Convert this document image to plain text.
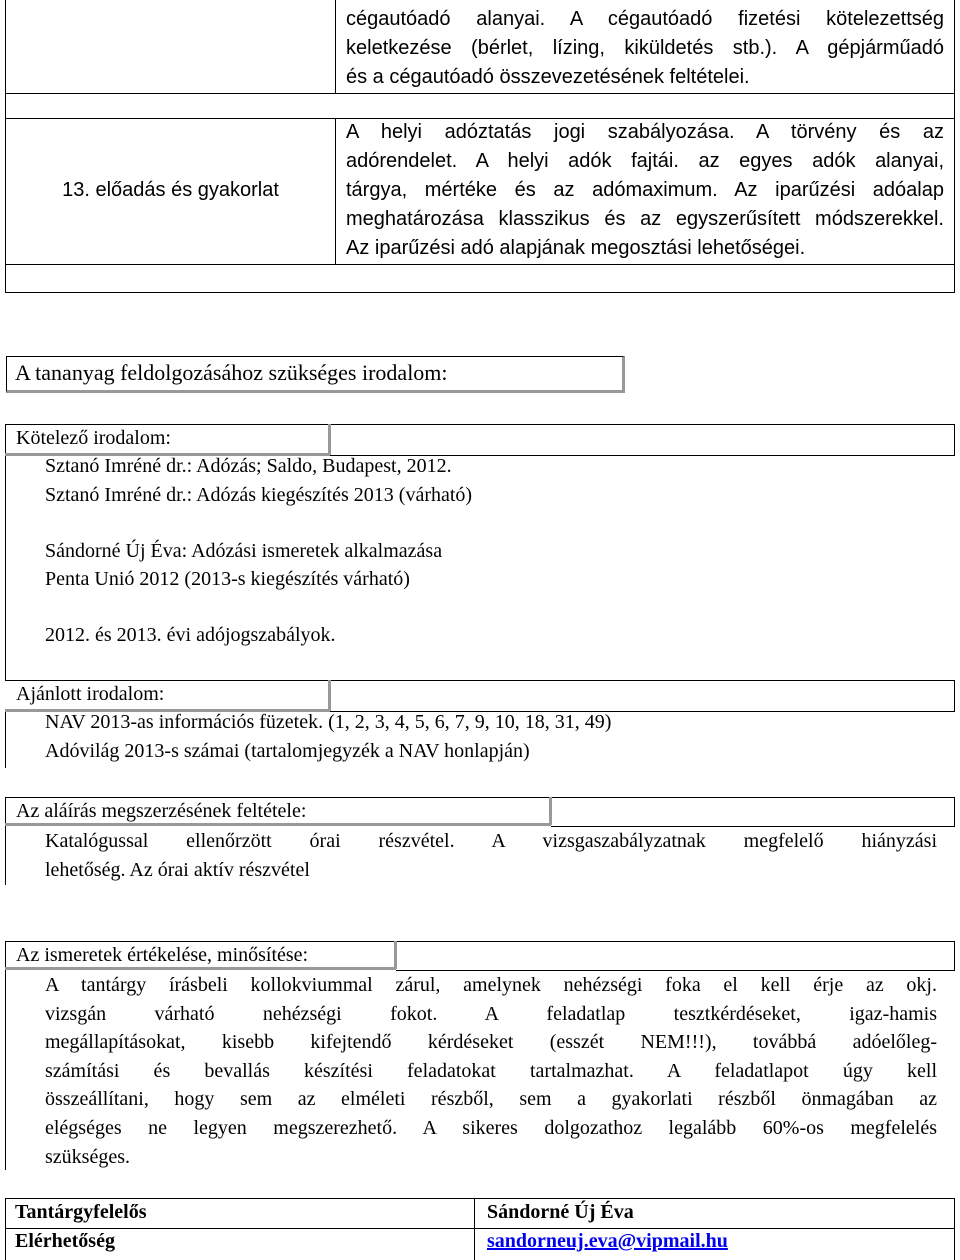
cégautóadó alanyai. A cégautóadó fizetési kötelezettség

keletkezése (bérlet, lízing, kiküldetés stb.). A gépjárműadó

és a cégautóadó összevezetésének feltételei.

13. előadás és gyakorlat

A helyi adóztatás jogi szabályozása. A törvény és az

adórendelet. A helyi adók fajtái. az egyes adók alanyai,

tárgya, mértéke és az adómaximum. Az iparűzési adóalap

meghatározása klasszikus és az egyszerűsített módszerekkel.

Az iparűzési adó alapjának megosztási lehetőségei.

A tananyag feldolgozásához szükséges irodalom:
Kötelező irodalom:
Sztanó Imréné dr.: Adózás; Saldo, Budapest, 2012.
Sztanó Imréné dr.: Adózás kiegészítés 2013 (várható)
Sándorné Új Éva: Adózási ismeretek alkalmazása
Penta Unió 2012 (2013-s kiegészítés várható)
2012. és 2013. évi adójogszabályok.
Ajánlott irodalom:
NAV 2013-as információs füzetek. (1, 2, 3, 4, 5, 6, 7, 9, 10, 18, 31, 49)
Adóvilág 2013-s számai (tartalomjegyzék a NAV honlapján)
Az aláírás megszerzésének feltétele:

Katalógussal ellenőrzött órai részvétel. A vizsgaszabályzatnak megfelelő hiányzási

lehetőség. Az órai aktív részvétel

Az ismeretek értékelése, minősítése:

A tantárgy írásbeli kollokviummal zárul, amelynek nehézségi foka el kell érje az okj.

vizsgán várható nehézségi fokot. A feladatlap tesztkérdéseket, igaz-hamis

megállapításokat, kisebb kifejtendő kérdéseket (esszét NEM!!!), továbbá adóelőleg-

számítási és bevallás készítési feladatokat tartalmazhat. A feladatlapot úgy kell

összeállítani, hogy sem az elméleti részből, sem a gyakorlati részből önmagában az

elégséges ne legyen megszerezhető. A sikeres dolgozathoz legalább 60%-os megfelelés

szükséges.

Tantárgyfelelős	Sándorné Új Éva
Elérhetőség	sandorneuj.eva@vipmail.hu
